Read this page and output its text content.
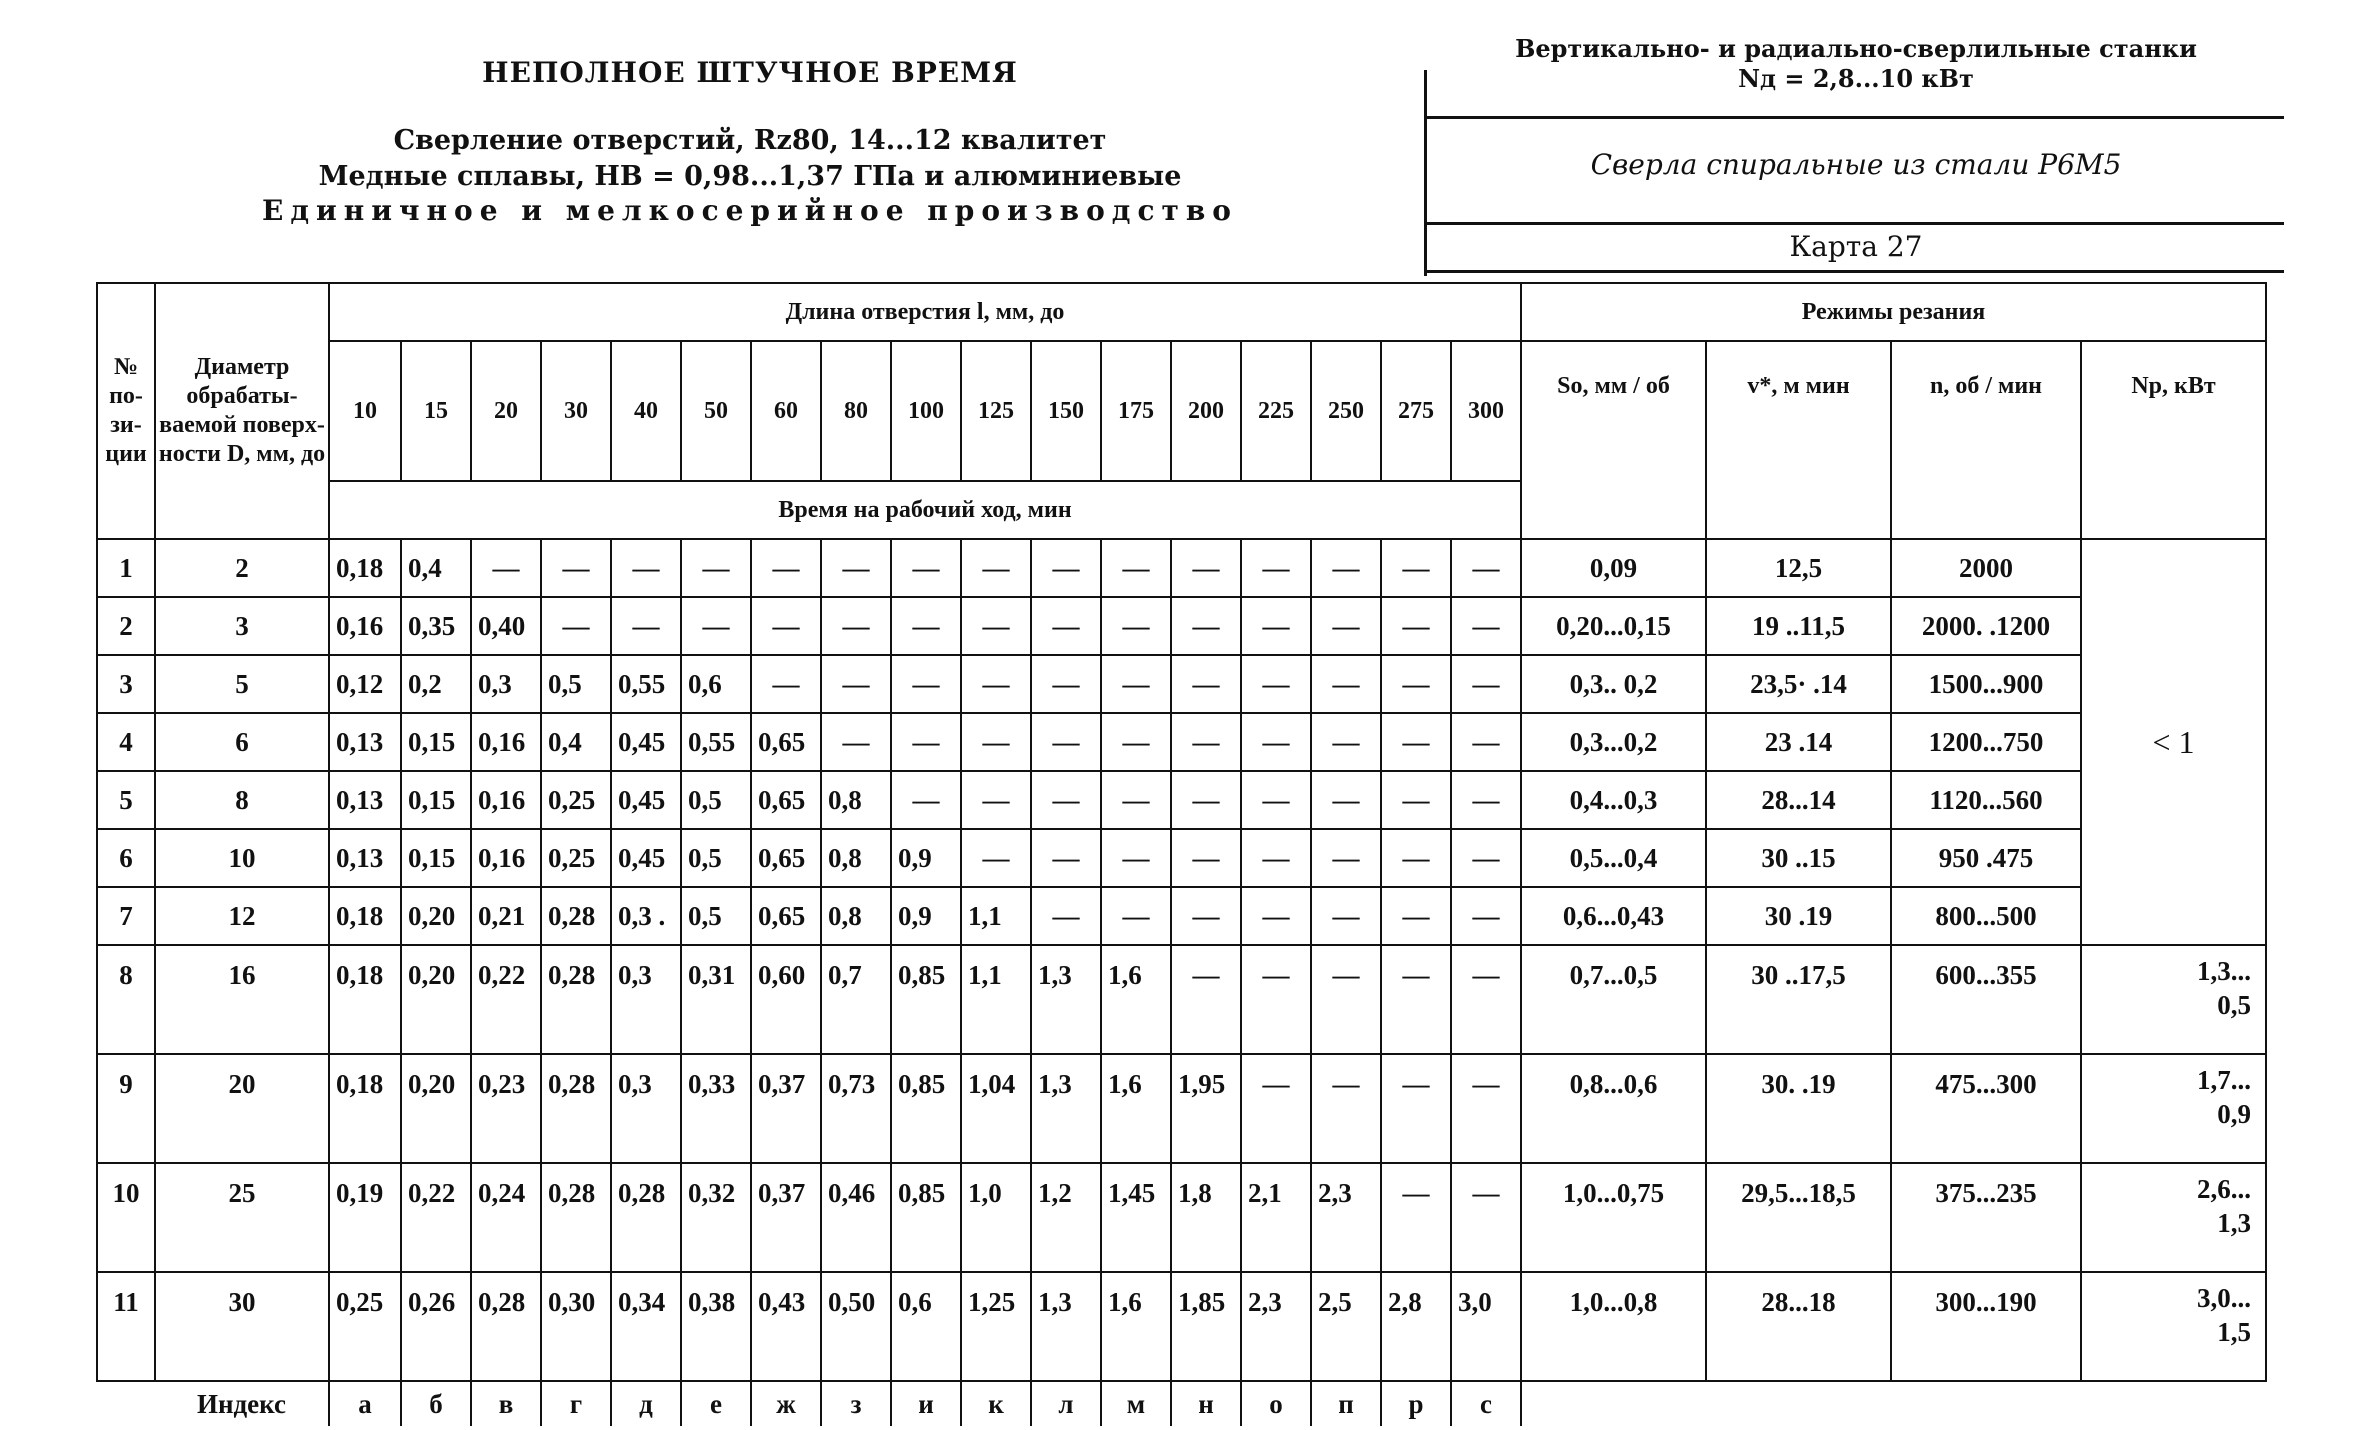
НЕПОЛНОЕ ШТУЧНОЕ ВРЕМЯ
Сверление отверстий, Rz80, 14...12 квалитет
Медные сплавы, НВ = 0,98...1,37 ГПа и алюминиевые
Единичное и мелкосерийное производство
Вертикально- и радиально-сверлильные станки
Nд = 2,8...10 кВт
Сверла спиральные из стали Р6М5
Карта 27
№ по-зи-ции	Диаметр обрабаты-ваемой поверх-ности D, мм, до	Длина отверстия l, мм, до																	Режимы резания			
		10	15	20	30	40	50	60	80	100	125	150	175	200	225	250	275	300	Sо, мм / об	v*, м мин	n, об / мин	Nр, кВт
		Время на рабочий ход, мин																				
1	2	0,18	0,4	—	—	—	—	—	—	—	—	—	—	—	—	—	—	—	0,09	12,5	2000	< 1
2	3	0,16	0,35	0,40	—	—	—	—	—	—	—	—	—	—	—	—	—	—	0,20...0,15	19 ..11,5	2000. .1200	
3	5	0,12	0,2	0,3	0,5	0,55	0,6	—	—	—	—	—	—	—	—	—	—	—	0,3.. 0,2	23,5· .14	1500...900	
4	6	0,13	0,15	0,16	0,4	0,45	0,55	0,65	—	—	—	—	—	—	—	—	—	—	0,3...0,2	23 .14	1200...750	
5	8	0,13	0,15	0,16	0,25	0,45	0,5	0,65	0,8	—	—	—	—	—	—	—	—	—	0,4...0,3	28...14	1120...560	
6	10	0,13	0,15	0,16	0,25	0,45	0,5	0,65	0,8	0,9	—	—	—	—	—	—	—	—	0,5...0,4	30 ..15	950 .475	
7	12	0,18	0,20	0,21	0,28	0,3 .	0,5	0,65	0,8	0,9	1,1	—	—	—	—	—	—	—	0,6...0,43	30 .19	800...500	
8	16	0,18	0,20	0,22	0,28	0,3	0,31	0,60	0,7	0,85	1,1	1,3	1,6	—	—	—	—	—	0,7...0,5	30 ..17,5	600...355	1,3...
0,5
9	20	0,18	0,20	0,23	0,28	0,3	0,33	0,37	0,73	0,85	1,04	1,3	1,6	1,95	—	—	—	—	0,8...0,6	30. .19	475...300	1,7...
0,9
10	25	0,19	0,22	0,24	0,28	0,28	0,32	0,37	0,46	0,85	1,0	1,2	1,45	1,8	2,1	2,3	—	—	1,0...0,75	29,5...18,5	375...235	2,6...
1,3
11	30	0,25	0,26	0,28	0,30	0,34	0,38	0,43	0,50	0,6	1,25	1,3	1,6	1,85	2,3	2,5	2,8	3,0	1,0...0,8	28...18	300...190	3,0...
1,5
	Индекс	а	б	в	г	д	е	ж	з	и	к	л	м	н	о	п	р	с				
